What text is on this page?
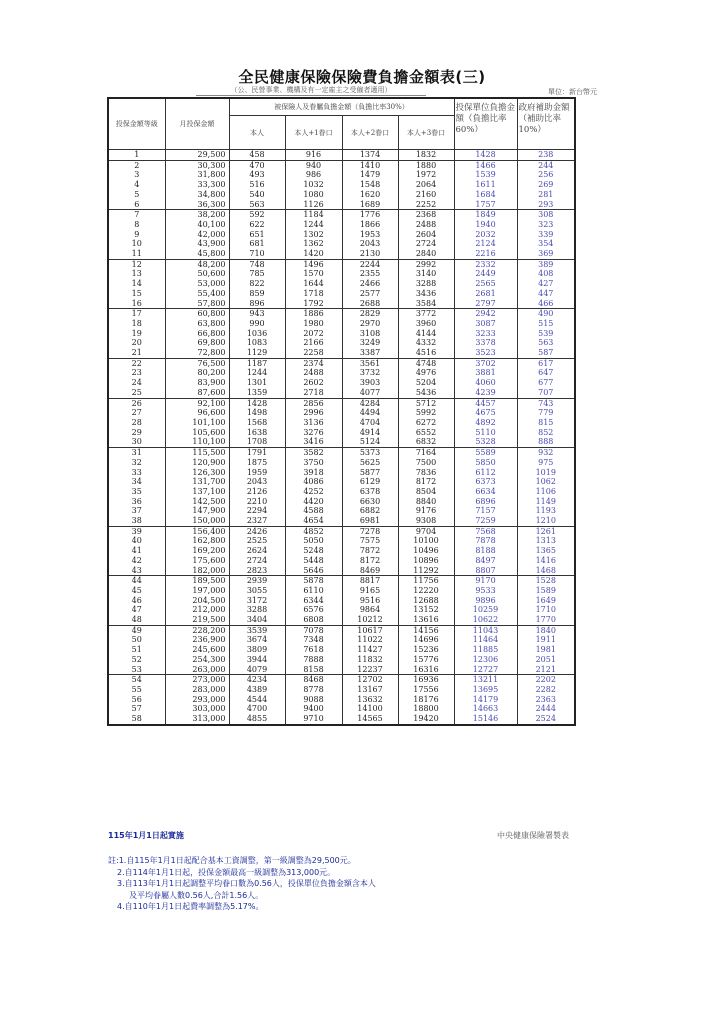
全民健康保險保險費負擔金額表(三)
（公、民營事業、機構及有一定雇主之受僱者適用）	單位：新台幣元
投保金額等級	月投保金額	被保險人及眷屬負擔金額（負擔比率30%）				投保單位負擔金額（負擔比率60%）	政府補助金額（補助比率10%）
		本人	本人+1眷口	本人+2眷口	本人+3眷口		
1	29,500	458	916	1374	1832	1428	238
2	30,300	470	940	1410	1880	1466	244
3	31,800	493	986	1479	1972	1539	256
4	33,300	516	1032	1548	2064	1611	269
5	34,800	540	1080	1620	2160	1684	281
6	36,300	563	1126	1689	2252	1757	293
7	38,200	592	1184	1776	2368	1849	308
8	40,100	622	1244	1866	2488	1940	323
9	42,000	651	1302	1953	2604	2032	339
10	43,900	681	1362	2043	2724	2124	354
11	45,800	710	1420	2130	2840	2216	369
12	48,200	748	1496	2244	2992	2332	389
13	50,600	785	1570	2355	3140	2449	408
14	53,000	822	1644	2466	3288	2565	427
15	55,400	859	1718	2577	3436	2681	447
16	57,800	896	1792	2688	3584	2797	466
17	60,800	943	1886	2829	3772	2942	490
18	63,800	990	1980	2970	3960	3087	515
19	66,800	1036	2072	3108	4144	3233	539
20	69,800	1083	2166	3249	4332	3378	563
21	72,800	1129	2258	3387	4516	3523	587
22	76,500	1187	2374	3561	4748	3702	617
23	80,200	1244	2488	3732	4976	3881	647
24	83,900	1301	2602	3903	5204	4060	677
25	87,600	1359	2718	4077	5436	4239	707
26	92,100	1428	2856	4284	5712	4457	743
27	96,600	1498	2996	4494	5992	4675	779
28	101,100	1568	3136	4704	6272	4892	815
29	105,600	1638	3276	4914	6552	5110	852
30	110,100	1708	3416	5124	6832	5328	888
31	115,500	1791	3582	5373	7164	5589	932
32	120,900	1875	3750	5625	7500	5850	975
33	126,300	1959	3918	5877	7836	6112	1019
34	131,700	2043	4086	6129	8172	6373	1062
35	137,100	2126	4252	6378	8504	6634	1106
36	142,500	2210	4420	6630	8840	6896	1149
37	147,900	2294	4588	6882	9176	7157	1193
38	150,000	2327	4654	6981	9308	7259	1210
39	156,400	2426	4852	7278	9704	7568	1261
40	162,800	2525	5050	7575	10100	7878	1313
41	169,200	2624	5248	7872	10496	8188	1365
42	175,600	2724	5448	8172	10896	8497	1416
43	182,000	2823	5646	8469	11292	8807	1468
44	189,500	2939	5878	8817	11756	9170	1528
45	197,000	3055	6110	9165	12220	9533	1589
46	204,500	3172	6344	9516	12688	9896	1649
47	212,000	3288	6576	9864	13152	10259	1710
48	219,500	3404	6808	10212	13616	10622	1770
49	228,200	3539	7078	10617	14156	11043	1840
50	236,900	3674	7348	11022	14696	11464	1911
51	245,600	3809	7618	11427	15236	11885	1981
52	254,300	3944	7888	11832	15776	12306	2051
53	263,000	4079	8158	12237	16316	12727	2121
54	273,000	4234	8468	12702	16936	13211	2202
55	283,000	4389	8778	13167	17556	13695	2282
56	293,000	4544	9088	13632	18176	14179	2363
57	303,000	4700	9400	14100	18800	14663	2444
58	313,000	4855	9710	14565	19420	15146	2524
115年1月1日起實施	中央健康保險署製表
註:1.自115年1月1日起配合基本工資調整，第一級調整為29,500元。
2.自114年1月1日起，投保金額最高一級調整為313,000元。
3.自113年1月1日起調整平均眷口數為0.56人，投保單位負擔金額含本人
及平均眷屬人數0.56人,合計1.56人。
4.自110年1月1日起費率調整為5.17%。
